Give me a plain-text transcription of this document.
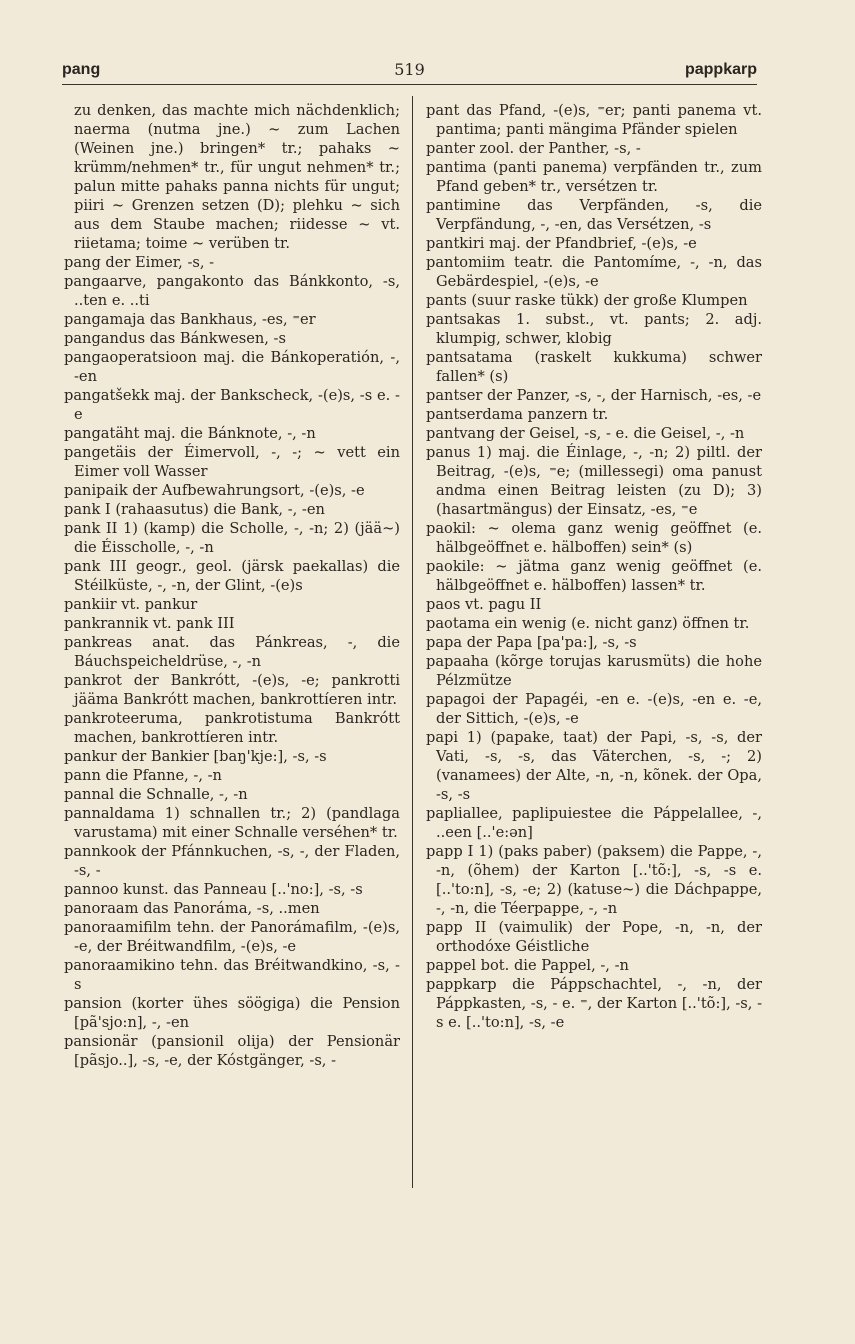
pang	519	pappkarp

zu denken, das machte mich nächdenklich; naerma (nutma jne.) ~ zum Lachen (Weinen jne.) bringen* tr.; pahaks ~ krümm/nehmen* tr., für ungut nehmen* tr.; palun mitte pahaks panna nichts für ungut; piiri ~ Grenzen setzen (D); plehku ~ sich aus dem Staube machen; riidesse ~ vt. riietama; toime ~ verüben tr.

pang der Eimer, -s, -

pangaarve, pangakonto das Bánkkonto, -s, ..ten e. ..ti

pangamaja das Bankhaus, -es, ⁼er

pangandus das Bánkwesen, -s

pangaoperatsioon maj. die Bánkoperatión, -, -en

pangatšekk maj. der Bankscheck, -(e)s, -s e. -e

pangatäht maj. die Bánknote, -, -n

pangetäis der Éimervoll, -, -; ~ vett ein Eimer voll Wasser

panipaik der Aufbewahrungsort, -(e)s, -e

pank I (rahaasutus) die Bank, -, -en

pank II 1) (kamp) die Scholle, -, -n; 2) (jää~) die Éisscholle, -, -n

pank III geogr., geol. (järsk paekallas) die Stéilküste, -, -n, der Glint, -(e)s

pankiir vt. pankur

pankrannik vt. pank III

pankreas anat. das Pánkreas, -, die Báuchspeicheldrüse, -, -n

pankrot der Bankrótt, -(e)s, -e; pankrotti jääma Bankrótt machen, bankrottíeren intr.

pankroteeruma, pankrotistuma Bankrótt machen, bankrottíeren intr.

pankur der Bankier [baŋ'kje:], -s, -s

pann die Pfanne, -, -n

pannal die Schnalle, -, -n

pannaldama 1) schnallen tr.; 2) (pandlaga varustama) mit einer Schnalle verséhen* tr.

pannkook der Pfánnkuchen, -s, -, der Fladen, -s, -

pannoo kunst. das Panneau [..'no:], -s, -s

panoraam das Panoráma, -s, ..men

panoraamifilm tehn. der Panorámafilm, -(e)s, -e, der Bréitwandfilm, -(e)s, -e

panoraamikino tehn. das Bréitwandkino, -s, -s

pansion (korter ühes söögiga) die Pension [pã'sjo:n], -, -en

pansionär (pansionil olija) der Pensionär [pãsjo..], -s, -e, der Kóstgänger, -s, -

pant das Pfand, -(e)s, ⁼er; panti panema vt. pantima; panti mängima Pfänder spielen

panter zool. der Panther, -s, -

pantima (panti panema) verpfänden tr., zum Pfand geben* tr., versétzen tr.

pantimine das Verpfänden, -s, die Verpfändung, -, -en, das Versétzen, -s

pantkiri maj. der Pfandbrief, -(e)s, -e

pantomiim teatr. die Pantomíme, -, -n, das Gebärdespiel, -(e)s, -e

pants (suur raske tükk) der große Klumpen

pantsakas 1. subst., vt. pants; 2. adj. klumpig, schwer, klobig

pantsatama (raskelt kukkuma) schwer fallen* (s)

pantser der Panzer, -s, -, der Harnisch, -es, -e

pantserdama panzern tr.

pantvang der Geisel, -s, - e. die Geisel, -, -n

panus 1) maj. die Éinlage, -, -n; 2) piltl. der Beitrag, -(e)s, ⁼e; (millessegi) oma panust andma einen Beitrag leisten (zu D); 3) (hasartmängus) der Einsatz, -es, ⁼e

paokil: ~ olema ganz wenig geöffnet (e. hälbgeöffnet e. hälboffen) sein* (s)

paokile: ~ jätma ganz wenig geöffnet (e. hälbgeöffnet e. hälboffen) lassen* tr.

paos vt. pagu II

paotama ein wenig (e. nicht ganz) öffnen tr.

papa der Papa [pa'pa:], -s, -s

papaaha (kõrge torujas karusmüts) die hohe Pélzmütze

papagoi der Papagéi, -en e. -(e)s, -en e. -e, der Sittich, -(e)s, -e

papi 1) (papake, taat) der Papi, -s, -s, der Vati, -s, -s, das Väterchen, -s, -; 2) (vanamees) der Alte, -n, -n, kõnek. der Opa, -s, -s

papliallee, paplipuiestee die Páppelallee, -, ..een [..'e:ən]

papp I 1) (paks paber) (paksem) die Pappe, -, -n, (õhem) der Karton [..'tõ:], -s, -s e. [..'to:n], -s, -e; 2) (katuse~) die Dáchpappe, -, -n, die Téerpappe, -, -n

papp II (vaimulik) der Pope, -n, -n, der orthodóxe Géistliche

pappel bot. die Pappel, -, -n

pappkarp die Páppschachtel, -, -n, der Páppkasten, -s, - e. ⁼, der Karton [..'tõ:], -s, -s e. [..'to:n], -s, -e
